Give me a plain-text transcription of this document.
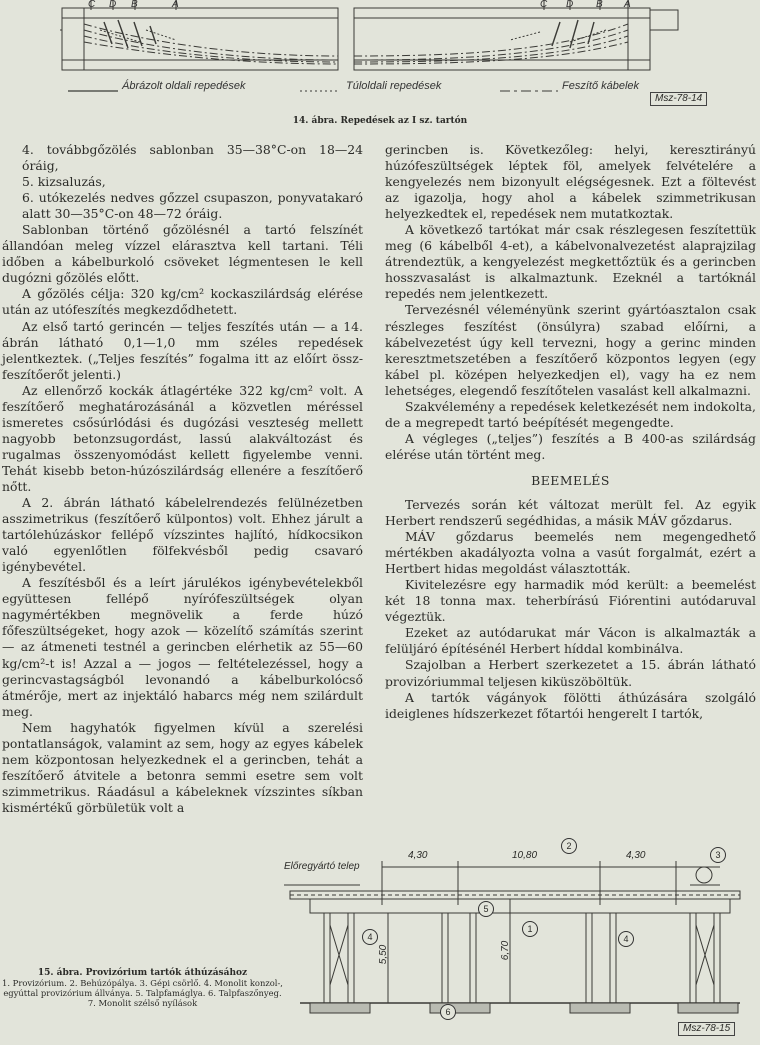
C D B	A	C D B A
Ábrázolt oldali repedések	Túloldali repedések	Feszítő kábelek
Msz-78-14
14. ábra. Repedések az I sz. tartón

4. továbbgőzölés sablonban 35—38°C-on 18—24 óráig,

5. kizsaluzás,

6. utókezelés nedves gőzzel csupaszon, ponyvatakaró alatt 30—35°C-on 48—72 óráig.

Sablonban történő gőzölésnél a tartó felszínét állandóan meleg vízzel elárasztva kell tartani. Téli időben a kábelburkoló csöveket légmentesen le kell dugózni gőzölés előtt.

A gőzölés célja: 320 kg/cm² kockaszilárdság elérése után az utófeszítés megkezdődhetett.

Az első tartó gerincén — teljes feszítés után — a 14. ábrán látható 0,1—1,0 mm széles repedések jelentkeztek. („Teljes feszítés” fogalma itt az előírt össz-feszítőerőt jelenti.)

Az ellenőrző kockák átlagértéke 322 kg/cm² volt. A feszítőerő meghatározásánál a közvetlen méréssel ismeretes csősúrlódási és dugózási veszteség mellett nagyobb betonzsugordást, lassú alakváltozást és rugalmas összenyomódást kellett figyelembe venni. Tehát kisebb beton-húzószilárdság ellenére a feszítőerő nőtt.

A 2. ábrán látható kábelelrendezés felülnézetben asszimetrikus (feszítőerő külpontos) volt. Ehhez járult a tartólehúzáskor fellépő vízszintes hajlító, hídkocsikon való egyenlőtlen fölfekvésből pedig csavaró igénybevétel.

A feszítésből és a leírt járulékos igénybevételekből együttesen fellépő nyírófeszültségek olyan nagymértékben megnövelik a ferde húzó főfeszültségeket, hogy azok — közelítő számítás szerint — az átmeneti testnél a gerincben elérhetik az 55—60 kg/cm²-t is! Azzal a — jogos — feltételezéssel, hogy a gerincvastagságból levonandó a kábelburkolócső átmérője, mert az injektáló habarcs még nem szilárdult meg.

Nem hagyhatók figyelmen kívül a szerelési pontatlanságok, valamint az sem, hogy az egyes kábelek nem központosan helyezkednek el a gerincben, tehát a feszítőerő átvitele a betonra semmi esetre sem volt szimmetrikus. Ráadásul a kábeleknek vízszintes síkban kismértékű görbületük volt a

gerincben is. Következőleg: helyi, keresztirányú húzófeszültségek léptek föl, amelyek felvételére a kengyelezés nem bizonyult elégségesnek. Ezt a föltevést az igazolja, hogy ahol a kábelek szimmetrikusan helyezkedtek el, repedések nem mutatkoztak.

A következő tartókat már csak részlegesen feszítettük meg (6 kábelből 4-et), a kábelvonalvezetést alaprajzilag átrendeztük, a kengyelezést megkettőztük és a gerincben hosszvasalást is alkalmaztunk. Ezeknél a tartóknál repedés nem jelentkezett.

Tervezésnél véleményünk szerint gyártóasztalon csak részleges feszítést (önsúlyra) szabad előírni, a kábelvezetést úgy kell tervezni, hogy a gerinc minden keresztmetszetében a feszítőerő központos legyen (egy kábel pl. középen helyezkedjen el), vagy ha ez nem lehetséges, elegendő feszítőtelen vasalást kell alkalmazni.

Szakvélemény a repedések keletkezését nem indokolta, de a megrepedt tartó beépítését megengedte.

A végleges („teljes”) feszítés a B 400-as szilárdság elérése után történt meg.

BEEMELÉS

Tervezés során két változat merült fel. Az egyik Herbert rendszerű segédhidas, a másik MÁV gőzdarus.

MÁV gőzdarus beemelés nem megengedhető mértékben akadályozta volna a vasút forgalmát, ezért a Hertbert hidas megoldást választották.

Kivitelezésre egy harmadik mód került: a beemelést két 18 tonna max. teherbírású Fiórentini autódaruval végeztük.

Ezeket az autódarukat már Vácon is alkalmazták a felüljáró építésénél Herbert híddal kombinálva.

Szajolban a Herbert szerkezetet a 15. ábrán látható provizóriummal teljesen kiküszöböltük.

A tartók vágányok fölötti áthúzására szolgáló ideiglenes hídszerkezet főtartói hengerelt I tartók,

Előregyártó telep
4,30	10,80	4,30
5,50	6,70
1
2
3
4	4
5
6
Msz-78-15
15. ábra. Provizórium tartók áthúzásához
1. Provizórium. 2. Behúzópálya. 3. Gépi csörlő. 4. Monolit konzol-, egyúttal provizórium állványa. 5. Talpfamáglya. 6. Talpfaszőnyeg. 7. Monolit szélső nyílások
